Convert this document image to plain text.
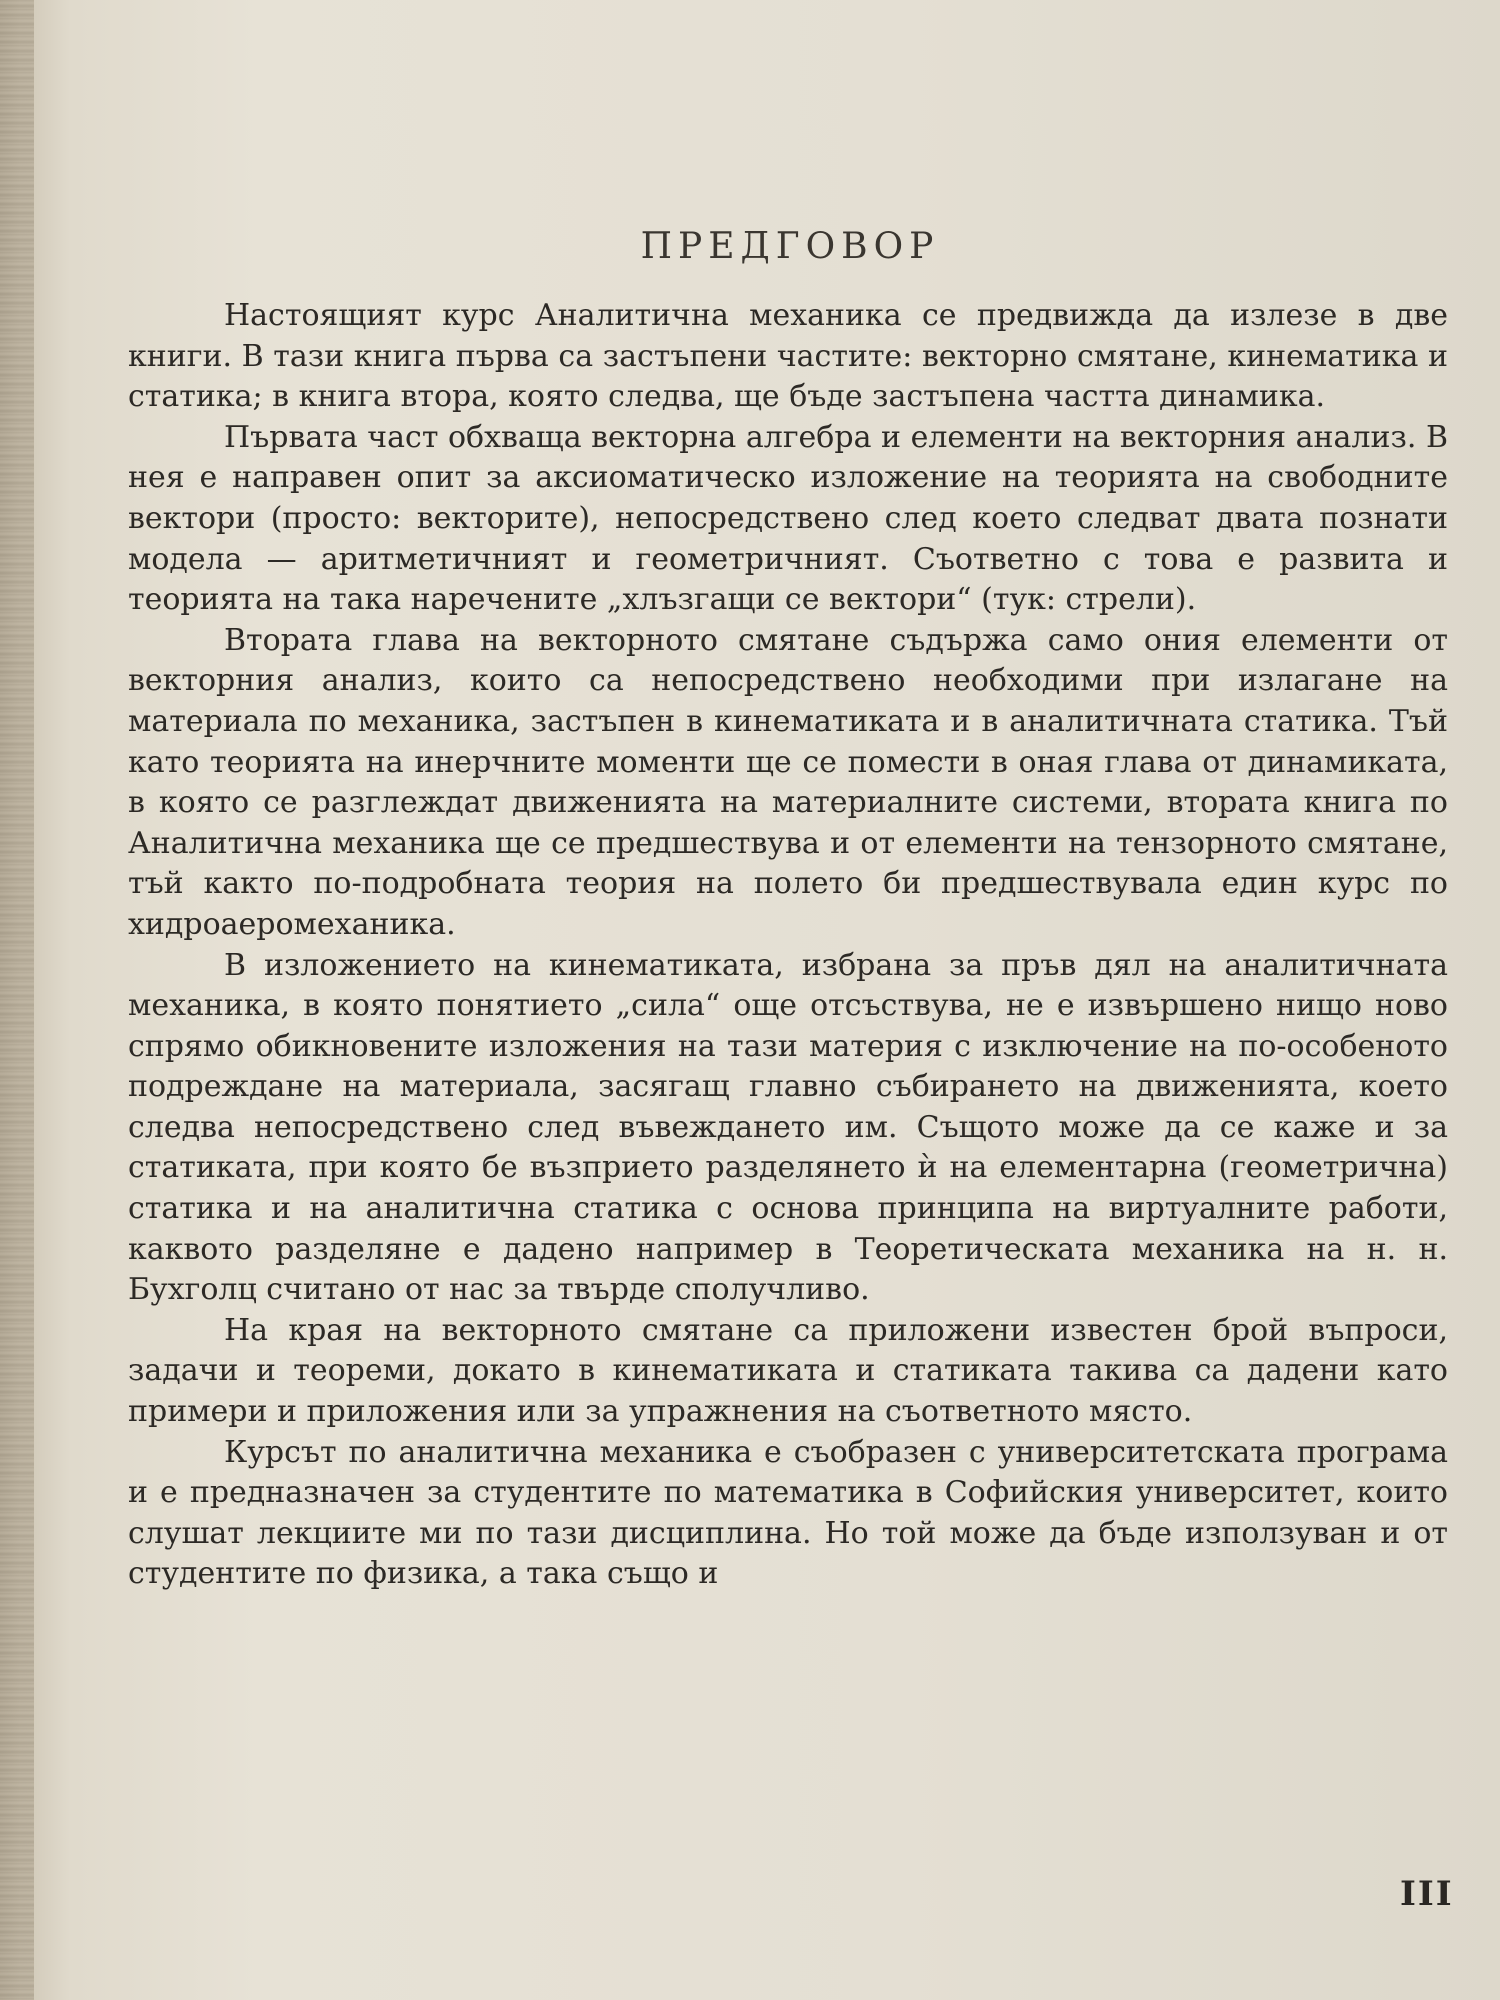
ПРЕДГОВОР

Настоящият курс Аналитична механика се предвижда да излезе в две книги. В тази книга първа са застъпени частите: векторно смятане, кинематика и статика; в книга втора, която следва, ще бъде застъпена частта динамика.

Първата част обхваща векторна алгебра и елементи на векторния анализ. В нея е направен опит за аксиоматическо изложение на теорията на свободните вектори (просто: векторите), непосредствено след което следват двата познати модела — аритметичният и геометричният. Съответно с това е развита и теорията на така наречените „хлъзгащи се вектори“ (тук: стрели).

Втората глава на векторното смятане съдържа само ония елементи от векторния анализ, които са непосредствено необходими при излагане на материала по механика, застъпен в кинематиката и в аналитичната статика. Тъй като теорията на инерчните моменти ще се помести в оная глава от динамиката, в която се разглеждат движенията на материалните системи, втората книга по Аналитична механика ще се предшествува и от елементи на тензорното смятане, тъй както по-подробната теория на полето би предшествувала един курс по хидроаеромеханика.

В изложението на кинематиката, избрана за пръв дял на аналитичната механика, в която понятието „сила“ още отсъствува, не е извършено нищо ново спрямо обикновените изложения на тази материя с изключение на по-особеното подреждане на материала, засягащ главно събирането на движенията, което следва непосредствено след въвеждането им. Същото може да се каже и за статиката, при която бе възприето разделянето ѝ на елементарна (геометрична) статика и на аналитична статика с основа принципа на виртуалните работи, каквото разделяне е дадено например в Теоретическата механика на н. н. Бухголц считано от нас за твърде сполучливо.

На края на векторното смятане са приложени известен брой въпроси, задачи и теореми, докато в кинематиката и статиката такива са дадени като примери и приложения или за упражнения на съответното място.

Курсът по аналитична механика е съобразен с университетската програма и е предназначен за студентите по математика в Софийския университет, които слушат лекциите ми по тази дисциплина. Но той може да бъде използуван и от студентите по физика, а така също и

III
